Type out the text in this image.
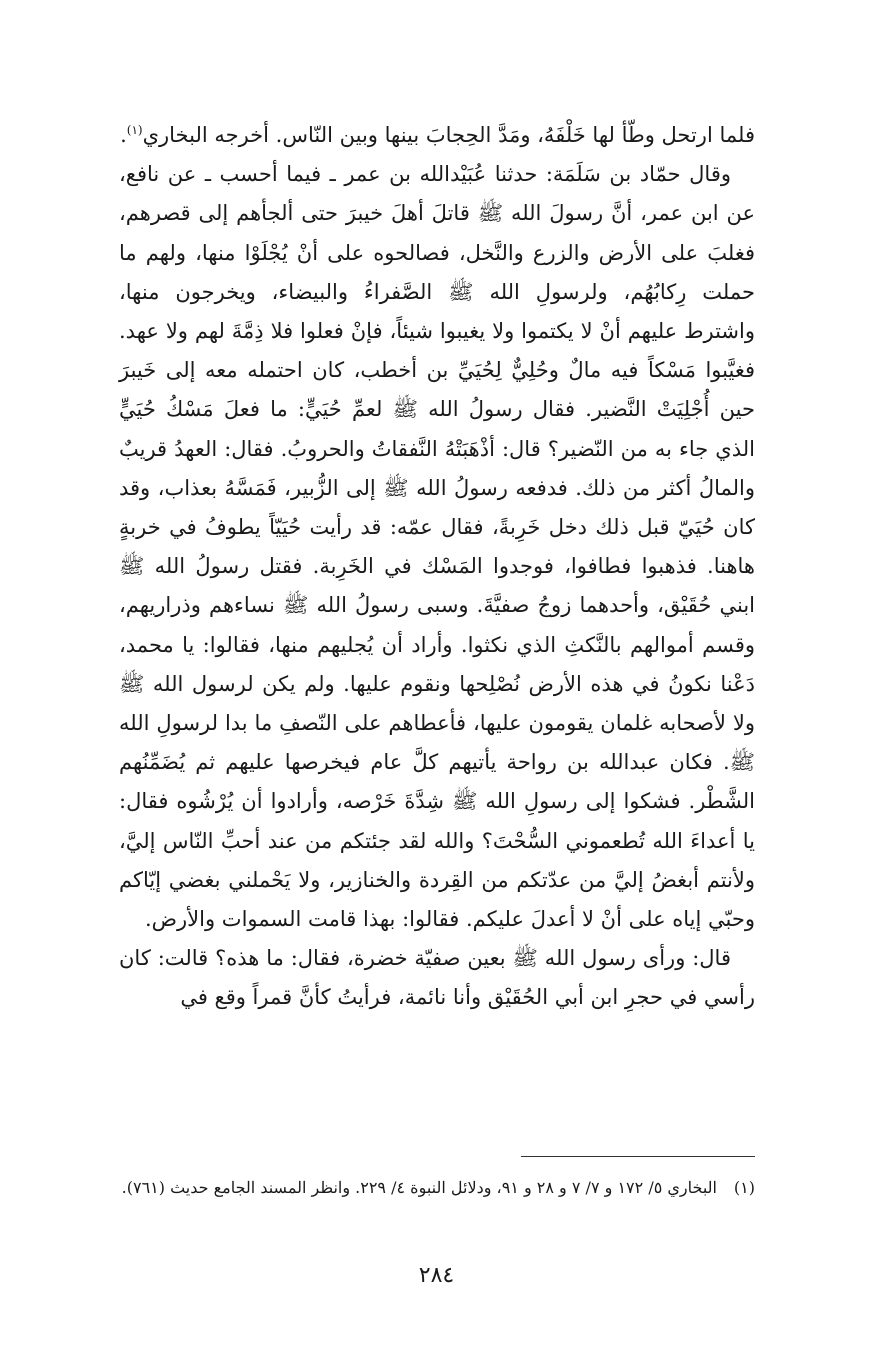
فلما ارتحل وطّأ لها خَلْفَهُ، ومَدَّ الحِجابَ بينها وبين النّاس. أخرجه البخاري$^{(١)}$.

وقال حمّاد بن سَلَمَة: حدثنا عُبَيْدالله بن عمر ـ فيما أحسب ـ عن نافع، عن ابن عمر، أنَّ رسولَ الله ﷺ قاتلَ أهلَ خيبرَ حتى ألجأهم إلى قصرهم، فغلبَ على الأرض والزرع والنَّخل، فصالحوه على أنْ يُجْلَوْا منها، ولهم ما حملت رِكابُهُم، ولرسولِ الله ﷺ الصَّفراءُ والبيضاء، ويخرجون منها، واشترط عليهم أنْ لا يكتموا ولا يغيبوا شيئاً، فإنْ فعلوا فلا ذِمَّةَ لهم ولا عهد. فغيَّبوا مَسْكاً فيه مالٌ وحُلِيٌّ لِحُيَيِّ بن أخطب، كان احتمله معه إلى خَيبرَ حين أُجْلِيَتْ النَّضير. فقال رسولُ الله ﷺ لعمِّ حُيَيٍّ: ما فعلَ مَسْكُ حُيَيٍّ الذي جاء به من النّضير؟ قال: أذْهَبَتْهُ النَّفقاتُ والحروبُ. فقال: العهدُ قريبٌ والمالُ أكثر من ذلك. فدفعه رسولُ الله ﷺ إلى الزُّبير، فَمَسَّهُ بعذاب، وقد كان حُيَيّ قبل ذلك دخل خَرِبةً، فقال عمّه: قد رأيت حُيَيّاً يطوفُ في خربةٍ هاهنا. فذهبوا فطافوا، فوجدوا المَسْك في الخَرِبة. فقتل رسولُ الله ﷺ ابني حُقَيْق، وأحدهما زوجُ صفيَّةَ. وسبى رسولُ الله ﷺ نساءهم وذراريهم، وقسم أموالهم بالنَّكثِ الذي نكثوا. وأراد أن يُجليهم منها، فقالوا: يا محمد، دَعْنا نكونُ في هذه الأرض نُصْلِحها ونقوم عليها. ولم يكن لرسول الله ﷺ ولا لأصحابه غلمان يقومون عليها، فأعطاهم على النّصفِ ما بدا لرسولِ الله ﷺ. فكان عبدالله بن رواحة يأتيهم كلَّ عام فيخرصها عليهم ثم يُضَمِّنُهم الشَّطْر. فشكوا إلى رسولِ الله ﷺ شِدَّةَ خَرْصه، وأرادوا أن يُرْشُوه فقال: يا أعداءَ الله تُطعموني السُّحْتَ؟ والله لقد جئتكم من عند أحبِّ النّاس إليَّ، ولأنتم أبغضُ إليَّ من عدّتكم من القِردة والخنازير، ولا يَحْملني بغضي إيّاكم وحبّي إياه على أنْ لا أعدلَ عليكم. فقالوا: بهذا قامت السموات والأرض.

قال: ورأى رسول الله ﷺ بعين صفيّة خضرة، فقال: ما هذه؟ قالت: كان رأسي في حجرِ ابن أبي الحُقَيْق وأنا نائمة، فرأيتُ كأنَّ قمراً وقع في

(١)
البخاري ٥/ ١٧٢ و ٧/ ٧ و ٢٨ و ٩١، ودلائل النبوة ٤/ ٢٢٩. وانظر المسند الجامع حديث (٧٦١).
٢٨٤
